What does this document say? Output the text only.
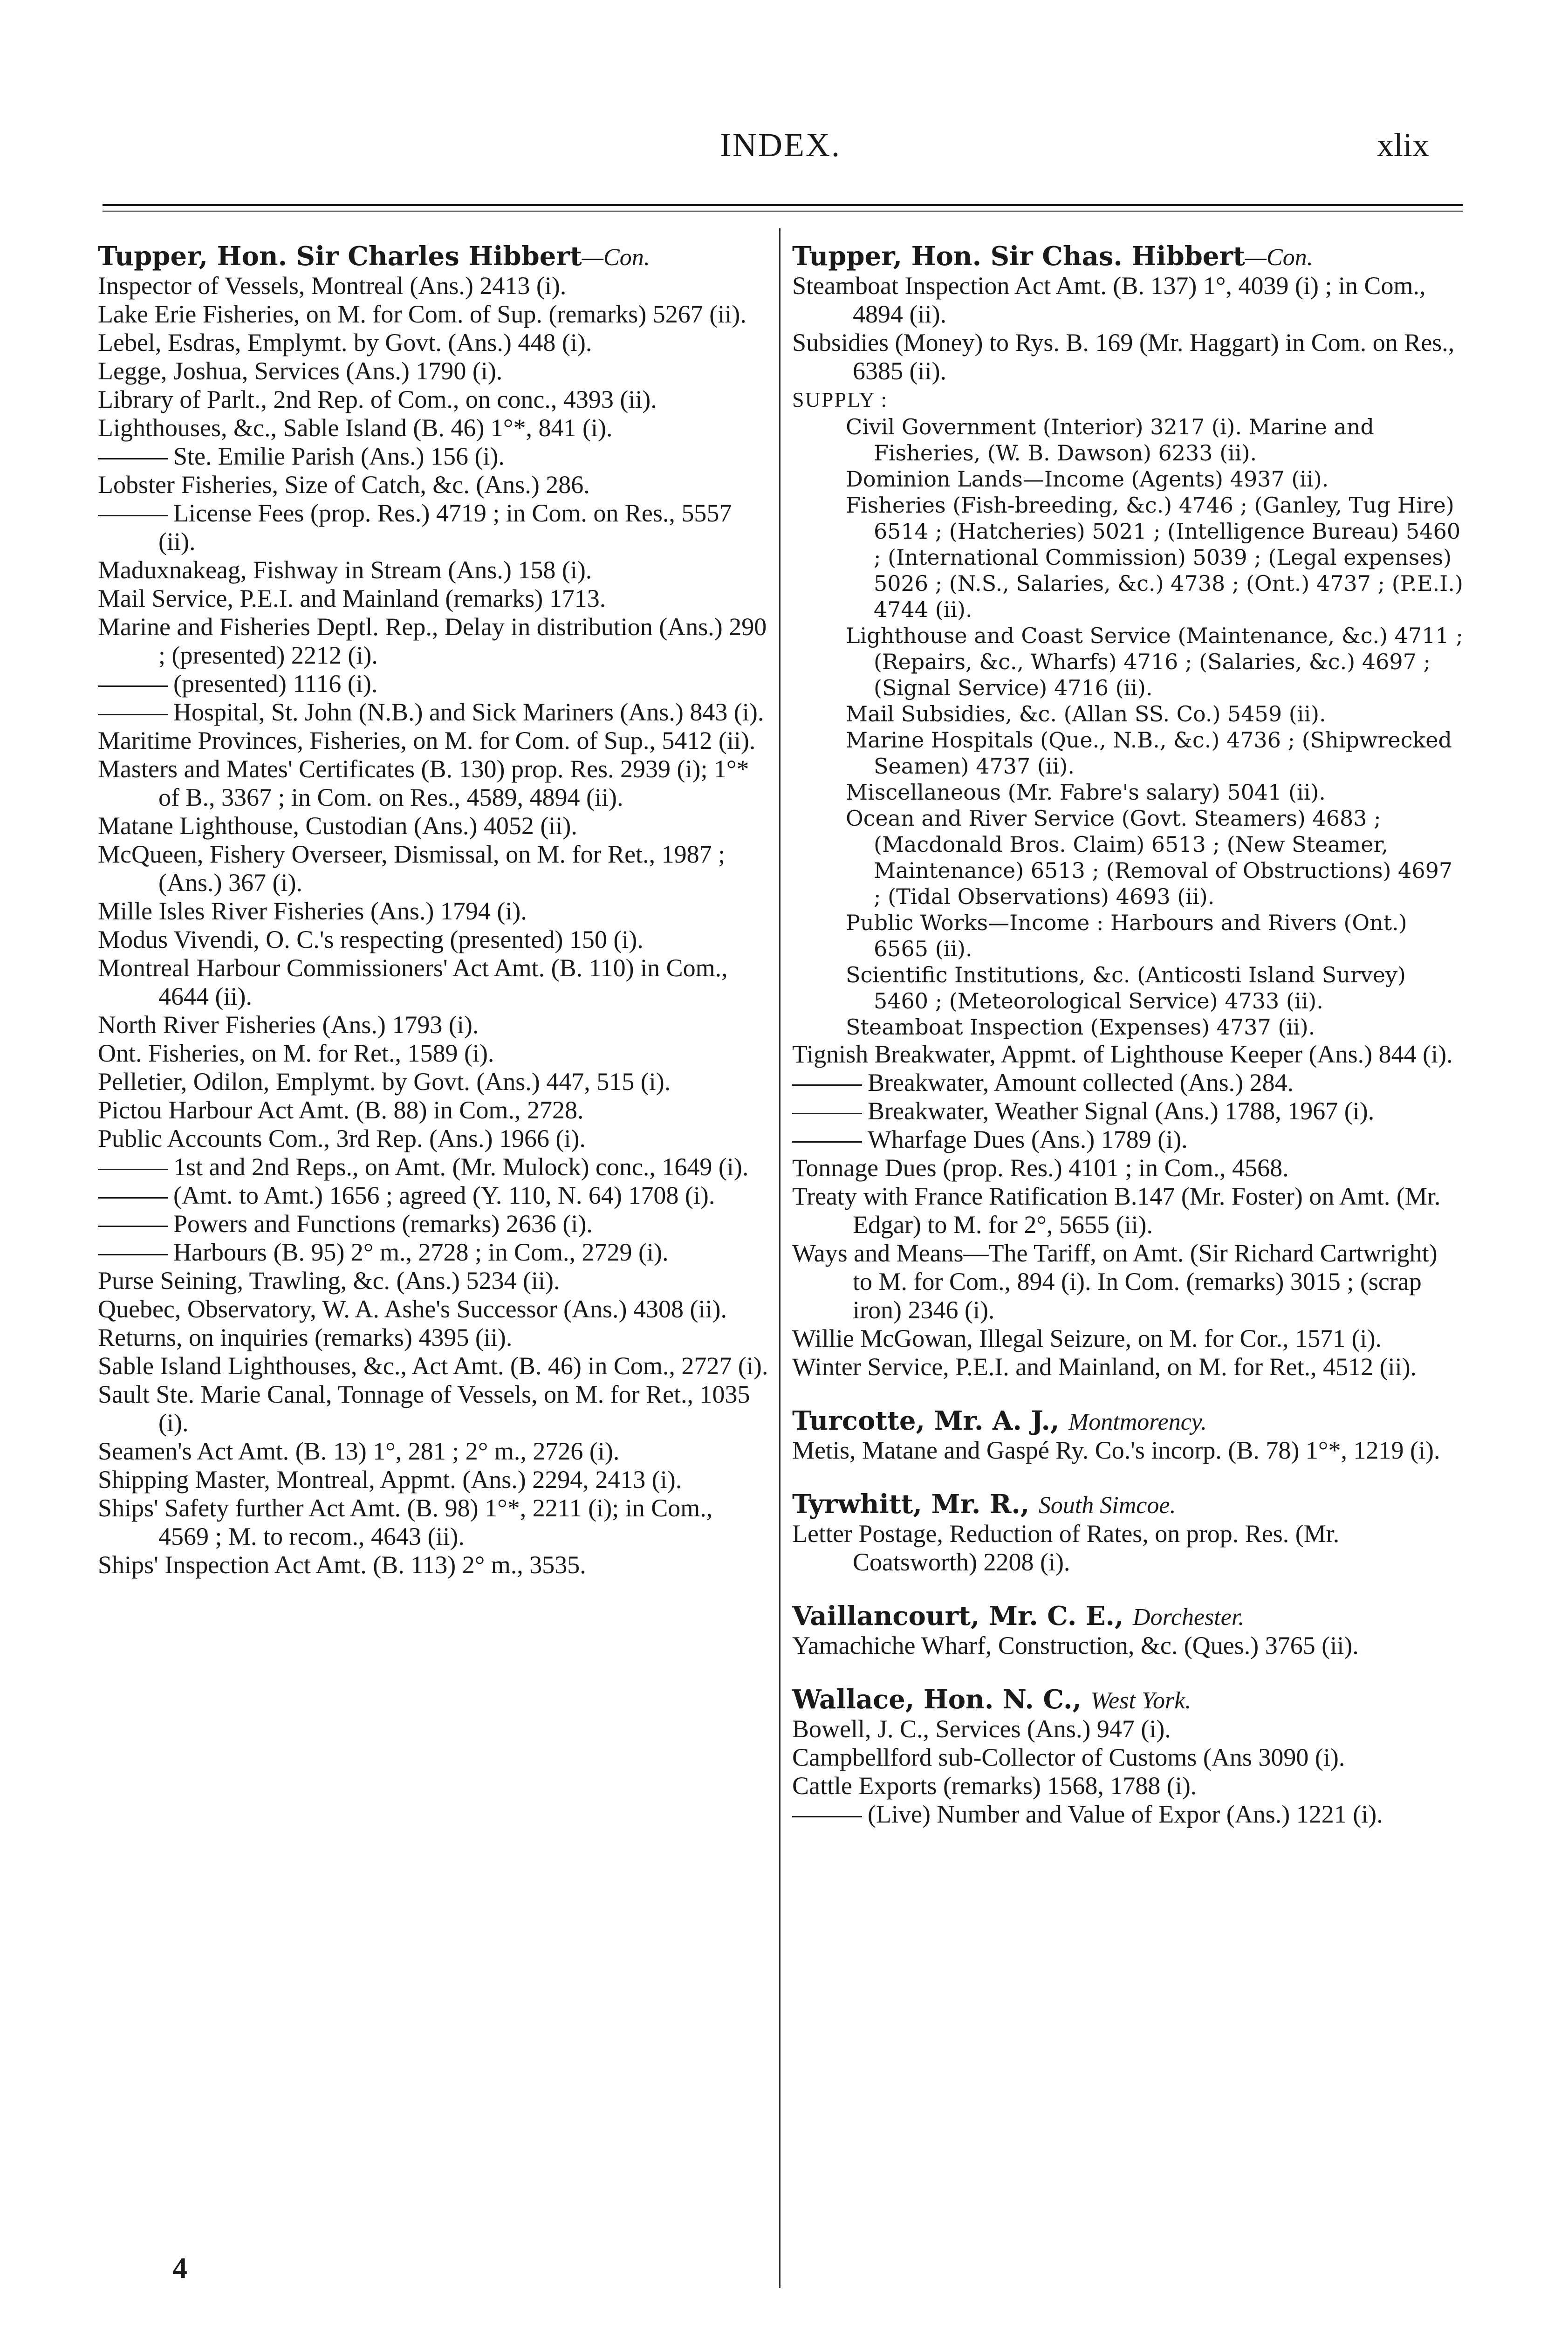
INDEX.	xlix

Tupper, Hon. Sir Charles Hibbert—Con.

Inspector of Vessels, Montreal (Ans.) 2413 (i).

Lake Erie Fisheries, on M. for Com. of Sup. (remarks) 5267 (ii).

Lebel, Esdras, Emplymt. by Govt. (Ans.) 448 (i).

Legge, Joshua, Services (Ans.) 1790 (i).

Library of Parlt., 2nd Rep. of Com., on conc., 4393 (ii).

Lighthouses, &c., Sable Island (B. 46) 1°*, 841 (i).

Ste. Emilie Parish (Ans.) 156 (i).

Lobster Fisheries, Size of Catch, &c. (Ans.) 286.

License Fees (prop. Res.) 4719 ; in Com. on Res., 5557 (ii).

Maduxnakeag, Fishway in Stream (Ans.) 158 (i).

Mail Service, P.E.I. and Mainland (remarks) 1713.

Marine and Fisheries Deptl. Rep., Delay in distribution (Ans.) 290 ; (presented) 2212 (i).

(presented) 1116 (i).

Hospital, St. John (N.B.) and Sick Mariners (Ans.) 843 (i).

Maritime Provinces, Fisheries, on M. for Com. of Sup., 5412 (ii).

Masters and Mates' Certificates (B. 130) prop. Res. 2939 (i); 1°* of B., 3367 ; in Com. on Res., 4589, 4894 (ii).

Matane Lighthouse, Custodian (Ans.) 4052 (ii).

McQueen, Fishery Overseer, Dismissal, on M. for Ret., 1987 ; (Ans.) 367 (i).

Mille Isles River Fisheries (Ans.) 1794 (i).

Modus Vivendi, O. C.'s respecting (presented) 150 (i).

Montreal Harbour Commissioners' Act Amt. (B. 110) in Com., 4644 (ii).

North River Fisheries (Ans.) 1793 (i).

Ont. Fisheries, on M. for Ret., 1589 (i).

Pelletier, Odilon, Emplymt. by Govt. (Ans.) 447, 515 (i).

Pictou Harbour Act Amt. (B. 88) in Com., 2728.

Public Accounts Com., 3rd Rep. (Ans.) 1966 (i).

1st and 2nd Reps., on Amt. (Mr. Mulock) conc., 1649 (i).

(Amt. to Amt.) 1656 ; agreed (Y. 110, N. 64) 1708 (i).

Powers and Functions (remarks) 2636 (i).

Harbours (B. 95) 2° m., 2728 ; in Com., 2729 (i).

Purse Seining, Trawling, &c. (Ans.) 5234 (ii).

Quebec, Observatory, W. A. Ashe's Successor (Ans.) 4308 (ii).

Returns, on inquiries (remarks) 4395 (ii).

Sable Island Lighthouses, &c., Act Amt. (B. 46) in Com., 2727 (i).

Sault Ste. Marie Canal, Tonnage of Vessels, on M. for Ret., 1035 (i).

Seamen's Act Amt. (B. 13) 1°, 281 ; 2° m., 2726 (i).

Shipping Master, Montreal, Appmt. (Ans.) 2294, 2413 (i).

Ships' Safety further Act Amt. (B. 98) 1°*, 2211 (i); in Com., 4569 ; M. to recom., 4643 (ii).

Ships' Inspection Act Amt. (B. 113) 2° m., 3535.

Tupper, Hon. Sir Chas. Hibbert—Con.

Steamboat Inspection Act Amt. (B. 137) 1°, 4039 (i) ; in Com., 4894 (ii).

Subsidies (Money) to Rys. B. 169 (Mr. Haggart) in Com. on Res., 6385 (ii).

SUPPLY :

Civil Government (Interior) 3217 (i). Marine and Fisheries, (W. B. Dawson) 6233 (ii).

Dominion Lands—Income (Agents) 4937 (ii).

Fisheries (Fish-breeding, &c.) 4746 ; (Ganley, Tug Hire) 6514 ; (Hatcheries) 5021 ; (Intelligence Bureau) 5460 ; (International Commission) 5039 ; (Legal expenses) 5026 ; (N.S., Salaries, &c.) 4738 ; (Ont.) 4737 ; (P.E.I.) 4744 (ii).

Lighthouse and Coast Service (Maintenance, &c.) 4711 ; (Repairs, &c., Wharfs) 4716 ; (Salaries, &c.) 4697 ; (Signal Service) 4716 (ii).

Mail Subsidies, &c. (Allan SS. Co.) 5459 (ii).

Marine Hospitals (Que., N.B., &c.) 4736 ; (Shipwrecked Seamen) 4737 (ii).

Miscellaneous (Mr. Fabre's salary) 5041 (ii).

Ocean and River Service (Govt. Steamers) 4683 ; (Macdonald Bros. Claim) 6513 ; (New Steamer, Maintenance) 6513 ; (Removal of Obstructions) 4697 ; (Tidal Observations) 4693 (ii).

Public Works—Income : Harbours and Rivers (Ont.) 6565 (ii).

Scientific Institutions, &c. (Anticosti Island Survey) 5460 ; (Meteorological Service) 4733 (ii).

Steamboat Inspection (Expenses) 4737 (ii).

Tignish Breakwater, Appmt. of Lighthouse Keeper (Ans.) 844 (i).

Breakwater, Amount collected (Ans.) 284.

Breakwater, Weather Signal (Ans.) 1788, 1967 (i).

Wharfage Dues (Ans.) 1789 (i).

Tonnage Dues (prop. Res.) 4101 ; in Com., 4568.

Treaty with France Ratification B.147 (Mr. Foster) on Amt. (Mr. Edgar) to M. for 2°, 5655 (ii).

Ways and Means—The Tariff, on Amt. (Sir Richard Cartwright) to M. for Com., 894 (i). In Com. (remarks) 3015 ; (scrap iron) 2346 (i).

Willie McGowan, Illegal Seizure, on M. for Cor., 1571 (i).

Winter Service, P.E.I. and Mainland, on M. for Ret., 4512 (ii).

Turcotte, Mr. A. J., Montmorency.

Metis, Matane and Gaspé Ry. Co.'s incorp. (B. 78) 1°*, 1219 (i).

Tyrwhitt, Mr. R., South Simcoe.

Letter Postage, Reduction of Rates, on prop. Res. (Mr. Coatsworth) 2208 (i).

Vaillancourt, Mr. C. E., Dorchester.

Yamachiche Wharf, Construction, &c. (Ques.) 3765 (ii).

Wallace, Hon. N. C., West York.

Bowell, J. C., Services (Ans.) 947 (i).

Campbellford sub-Collector of Customs (Ans 3090 (i).

Cattle Exports (remarks) 1568, 1788 (i).

(Live) Number and Value of Expor (Ans.) 1221 (i).

4
